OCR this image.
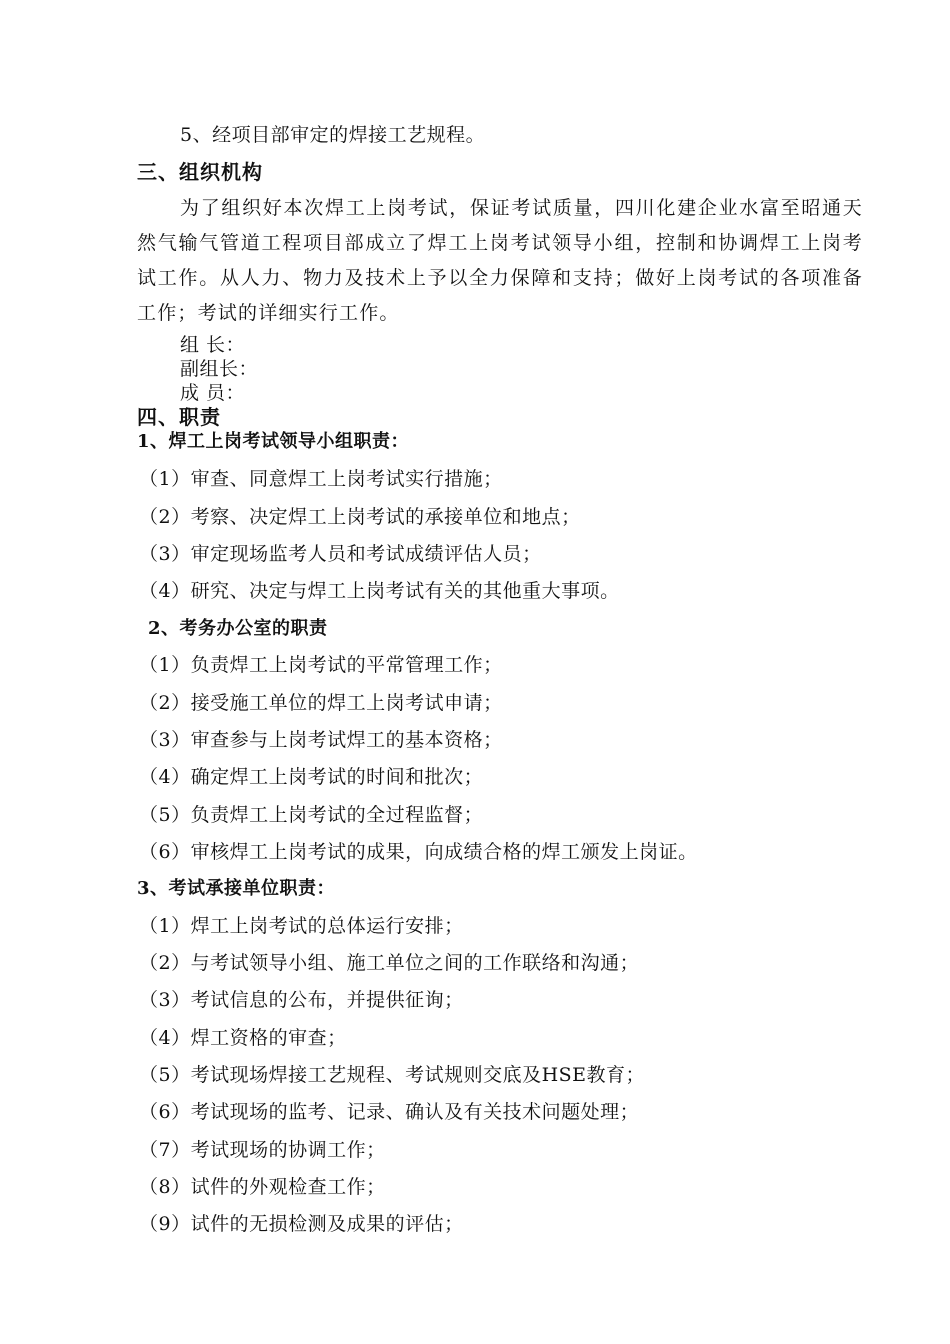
5、经项目部审定的焊接工艺规程。
三、组织机构
为了组织好本次焊工上岗考试，保证考试质量，四川化建企业水富至昭通天然气输气管道工程项目部成立了焊工上岗考试领导小组，控制和协调焊工上岗考试工作。从人力、物力及技术上予以全力保障和支持；做好上岗考试的各项准备工作；考试的详细实行工作。
组 长：
副组长：
成 员：
四、职责
1、焊工上岗考试领导小组职责：
（1）审查、同意焊工上岗考试实行措施；
（2）考察、决定焊工上岗考试的承接单位和地点；
（3）审定现场监考人员和考试成绩评估人员；
（4）研究、决定与焊工上岗考试有关的其他重大事项。
2、考务办公室的职责
（1）负责焊工上岗考试的平常管理工作；
（2）接受施工单位的焊工上岗考试申请；
（3）审查参与上岗考试焊工的基本资格；
（4）确定焊工上岗考试的时间和批次；
（5）负责焊工上岗考试的全过程监督；
（6）审核焊工上岗考试的成果，向成绩合格的焊工颁发上岗证。
3、考试承接单位职责：
（1）焊工上岗考试的总体运行安排；
（2）与考试领导小组、施工单位之间的工作联络和沟通；
（3）考试信息的公布，并提供征询；
（4）焊工资格的审查；
（5）考试现场焊接工艺规程、考试规则交底及HSE教育；
（6）考试现场的监考、记录、确认及有关技术问题处理；
（7）考试现场的协调工作；
（8）试件的外观检查工作；
（9）试件的无损检测及成果的评估；
